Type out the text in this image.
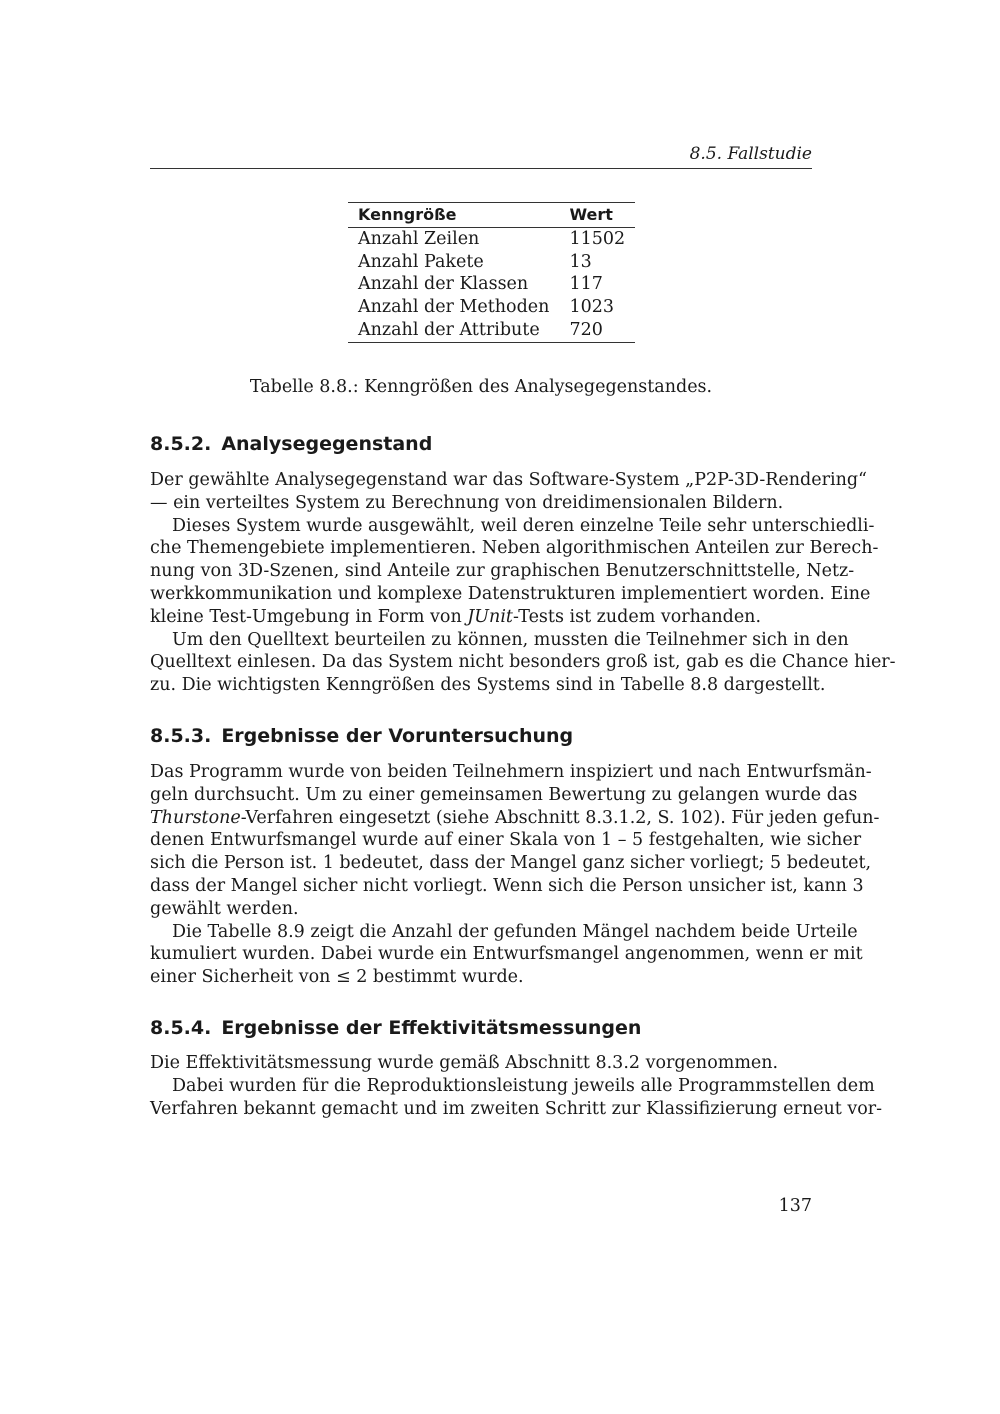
8.5. Fallstudie
Kenngröße	Wert
Anzahl Zeilen	11502
Anzahl Pakete	13
Anzahl der Klassen	117
Anzahl der Methoden	1023
Anzahl der Attribute	720
Tabelle 8.8.: Kenngrößen des Analysegegenstandes.
8.5.2. Analysegegenstand
Der gewählte Analysegegenstand war das Software-System „P2P-3D-Rendering“
— ein verteiltes System zu Berechnung von dreidimensionalen Bildern.
Dieses System wurde ausgewählt, weil deren einzelne Teile sehr unterschiedli-
che Themengebiete implementieren. Neben algorithmischen Anteilen zur Berech-
nung von 3D-Szenen, sind Anteile zur graphischen Benutzerschnittstelle, Netz-
werkkommunikation und komplexe Datenstrukturen implementiert worden. Eine
kleine Test-Umgebung in Form von JUnit-Tests ist zudem vorhanden.
Um den Quelltext beurteilen zu können, mussten die Teilnehmer sich in den
Quelltext einlesen. Da das System nicht besonders groß ist, gab es die Chance hier-
zu. Die wichtigsten Kenngrößen des Systems sind in Tabelle 8.8 dargestellt.
8.5.3. Ergebnisse der Voruntersuchung
Das Programm wurde von beiden Teilnehmern inspiziert und nach Entwurfsmän-
geln durchsucht. Um zu einer gemeinsamen Bewertung zu gelangen wurde das
Thurstone-Verfahren eingesetzt (siehe Abschnitt 8.3.1.2, S. 102). Für jeden gefun-
denen Entwurfsmangel wurde auf einer Skala von 1 – 5 festgehalten, wie sicher
sich die Person ist. 1 bedeutet, dass der Mangel ganz sicher vorliegt; 5 bedeutet,
dass der Mangel sicher nicht vorliegt. Wenn sich die Person unsicher ist, kann 3
gewählt werden.
Die Tabelle 8.9 zeigt die Anzahl der gefunden Mängel nachdem beide Urteile
kumuliert wurden. Dabei wurde ein Entwurfsmangel angenommen, wenn er mit
einer Sicherheit von ≤ 2 bestimmt wurde.
8.5.4. Ergebnisse der Effektivitätsmessungen
Die Effektivitätsmessung wurde gemäß Abschnitt 8.3.2 vorgenommen.
Dabei wurden für die Reproduktionsleistung jeweils alle Programmstellen dem
Verfahren bekannt gemacht und im zweiten Schritt zur Klassifizierung erneut vor-
137
